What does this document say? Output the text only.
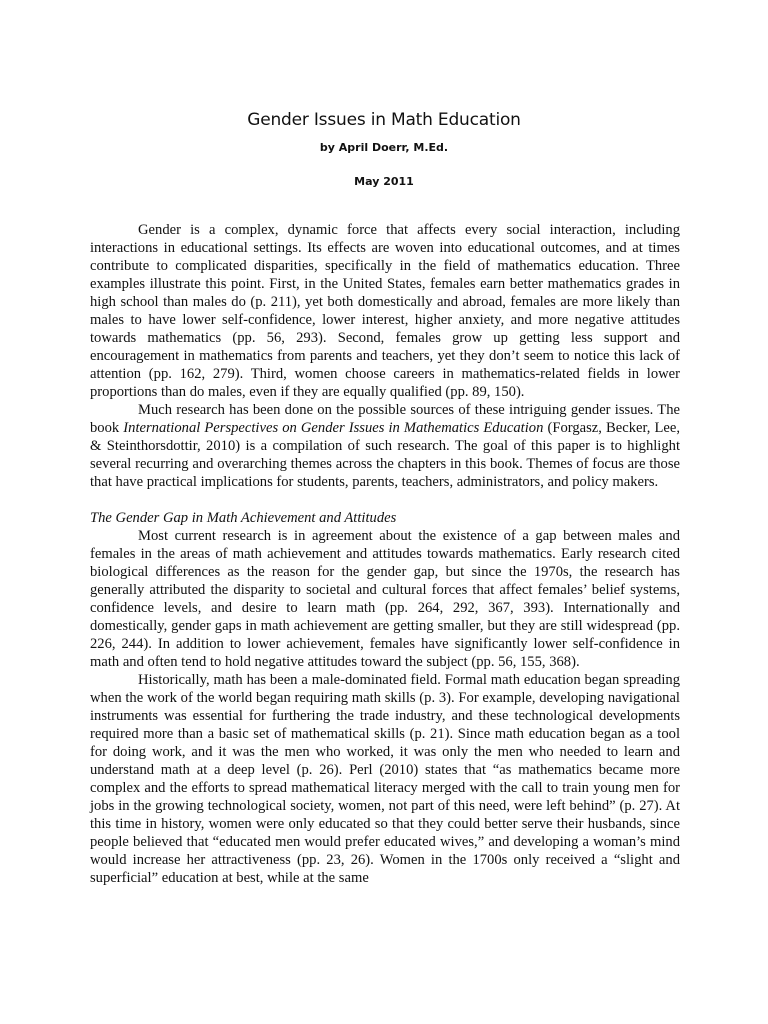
Gender Issues in Math Education
by April Doerr, M.Ed.
May 2011

Gender is a complex, dynamic force that affects every social interaction, including interactions in educational settings. Its effects are woven into educational outcomes, and at times contribute to complicated disparities, specifically in the field of mathematics education. Three examples illustrate this point. First, in the United States, females earn better mathematics grades in high school than males do (p. 211), yet both domestically and abroad, females are more likely than males to have lower self-confidence, lower interest, higher anxiety, and more negative attitudes towards mathematics (pp. 56, 293). Second, females grow up getting less support and encouragement in mathematics from parents and teachers, yet they don’t seem to notice this lack of attention (pp. 162, 279). Third, women choose careers in mathematics-related fields in lower proportions than do males, even if they are equally qualified (pp. 89, 150).

Much research has been done on the possible sources of these intriguing gender issues. The book International Perspectives on Gender Issues in Mathematics Education (Forgasz, Becker, Lee, & Steinthorsdottir, 2010) is a compilation of such research. The goal of this paper is to highlight several recurring and overarching themes across the chapters in this book. Themes of focus are those that have practical implications for students, parents, teachers, administrators, and policy makers.

The Gender Gap in Math Achievement and Attitudes

Most current research is in agreement about the existence of a gap between males and females in the areas of math achievement and attitudes towards mathematics. Early research cited biological differences as the reason for the gender gap, but since the 1970s, the research has generally attributed the disparity to societal and cultural forces that affect females’ belief systems, confidence levels, and desire to learn math (pp. 264, 292, 367, 393). Internationally and domestically, gender gaps in math achievement are getting smaller, but they are still widespread (pp. 226, 244). In addition to lower achievement, females have significantly lower self-confidence in math and often tend to hold negative attitudes toward the subject (pp. 56, 155, 368).

Historically, math has been a male-dominated field. Formal math education began spreading when the work of the world began requiring math skills (p. 3). For example, developing navigational instruments was essential for furthering the trade industry, and these technological developments required more than a basic set of mathematical skills (p. 21). Since math education began as a tool for doing work, and it was the men who worked, it was only the men who needed to learn and understand math at a deep level (p. 26). Perl (2010) states that “as mathematics became more complex and the efforts to spread mathematical literacy merged with the call to train young men for jobs in the growing technological society, women, not part of this need, were left behind” (p. 27). At this time in history, women were only educated so that they could better serve their husbands, since people believed that “educated men would prefer educated wives,” and developing a woman’s mind would increase her attractiveness (pp. 23, 26). Women in the 1700s only received a “slight and superficial” education at best, while at the same
